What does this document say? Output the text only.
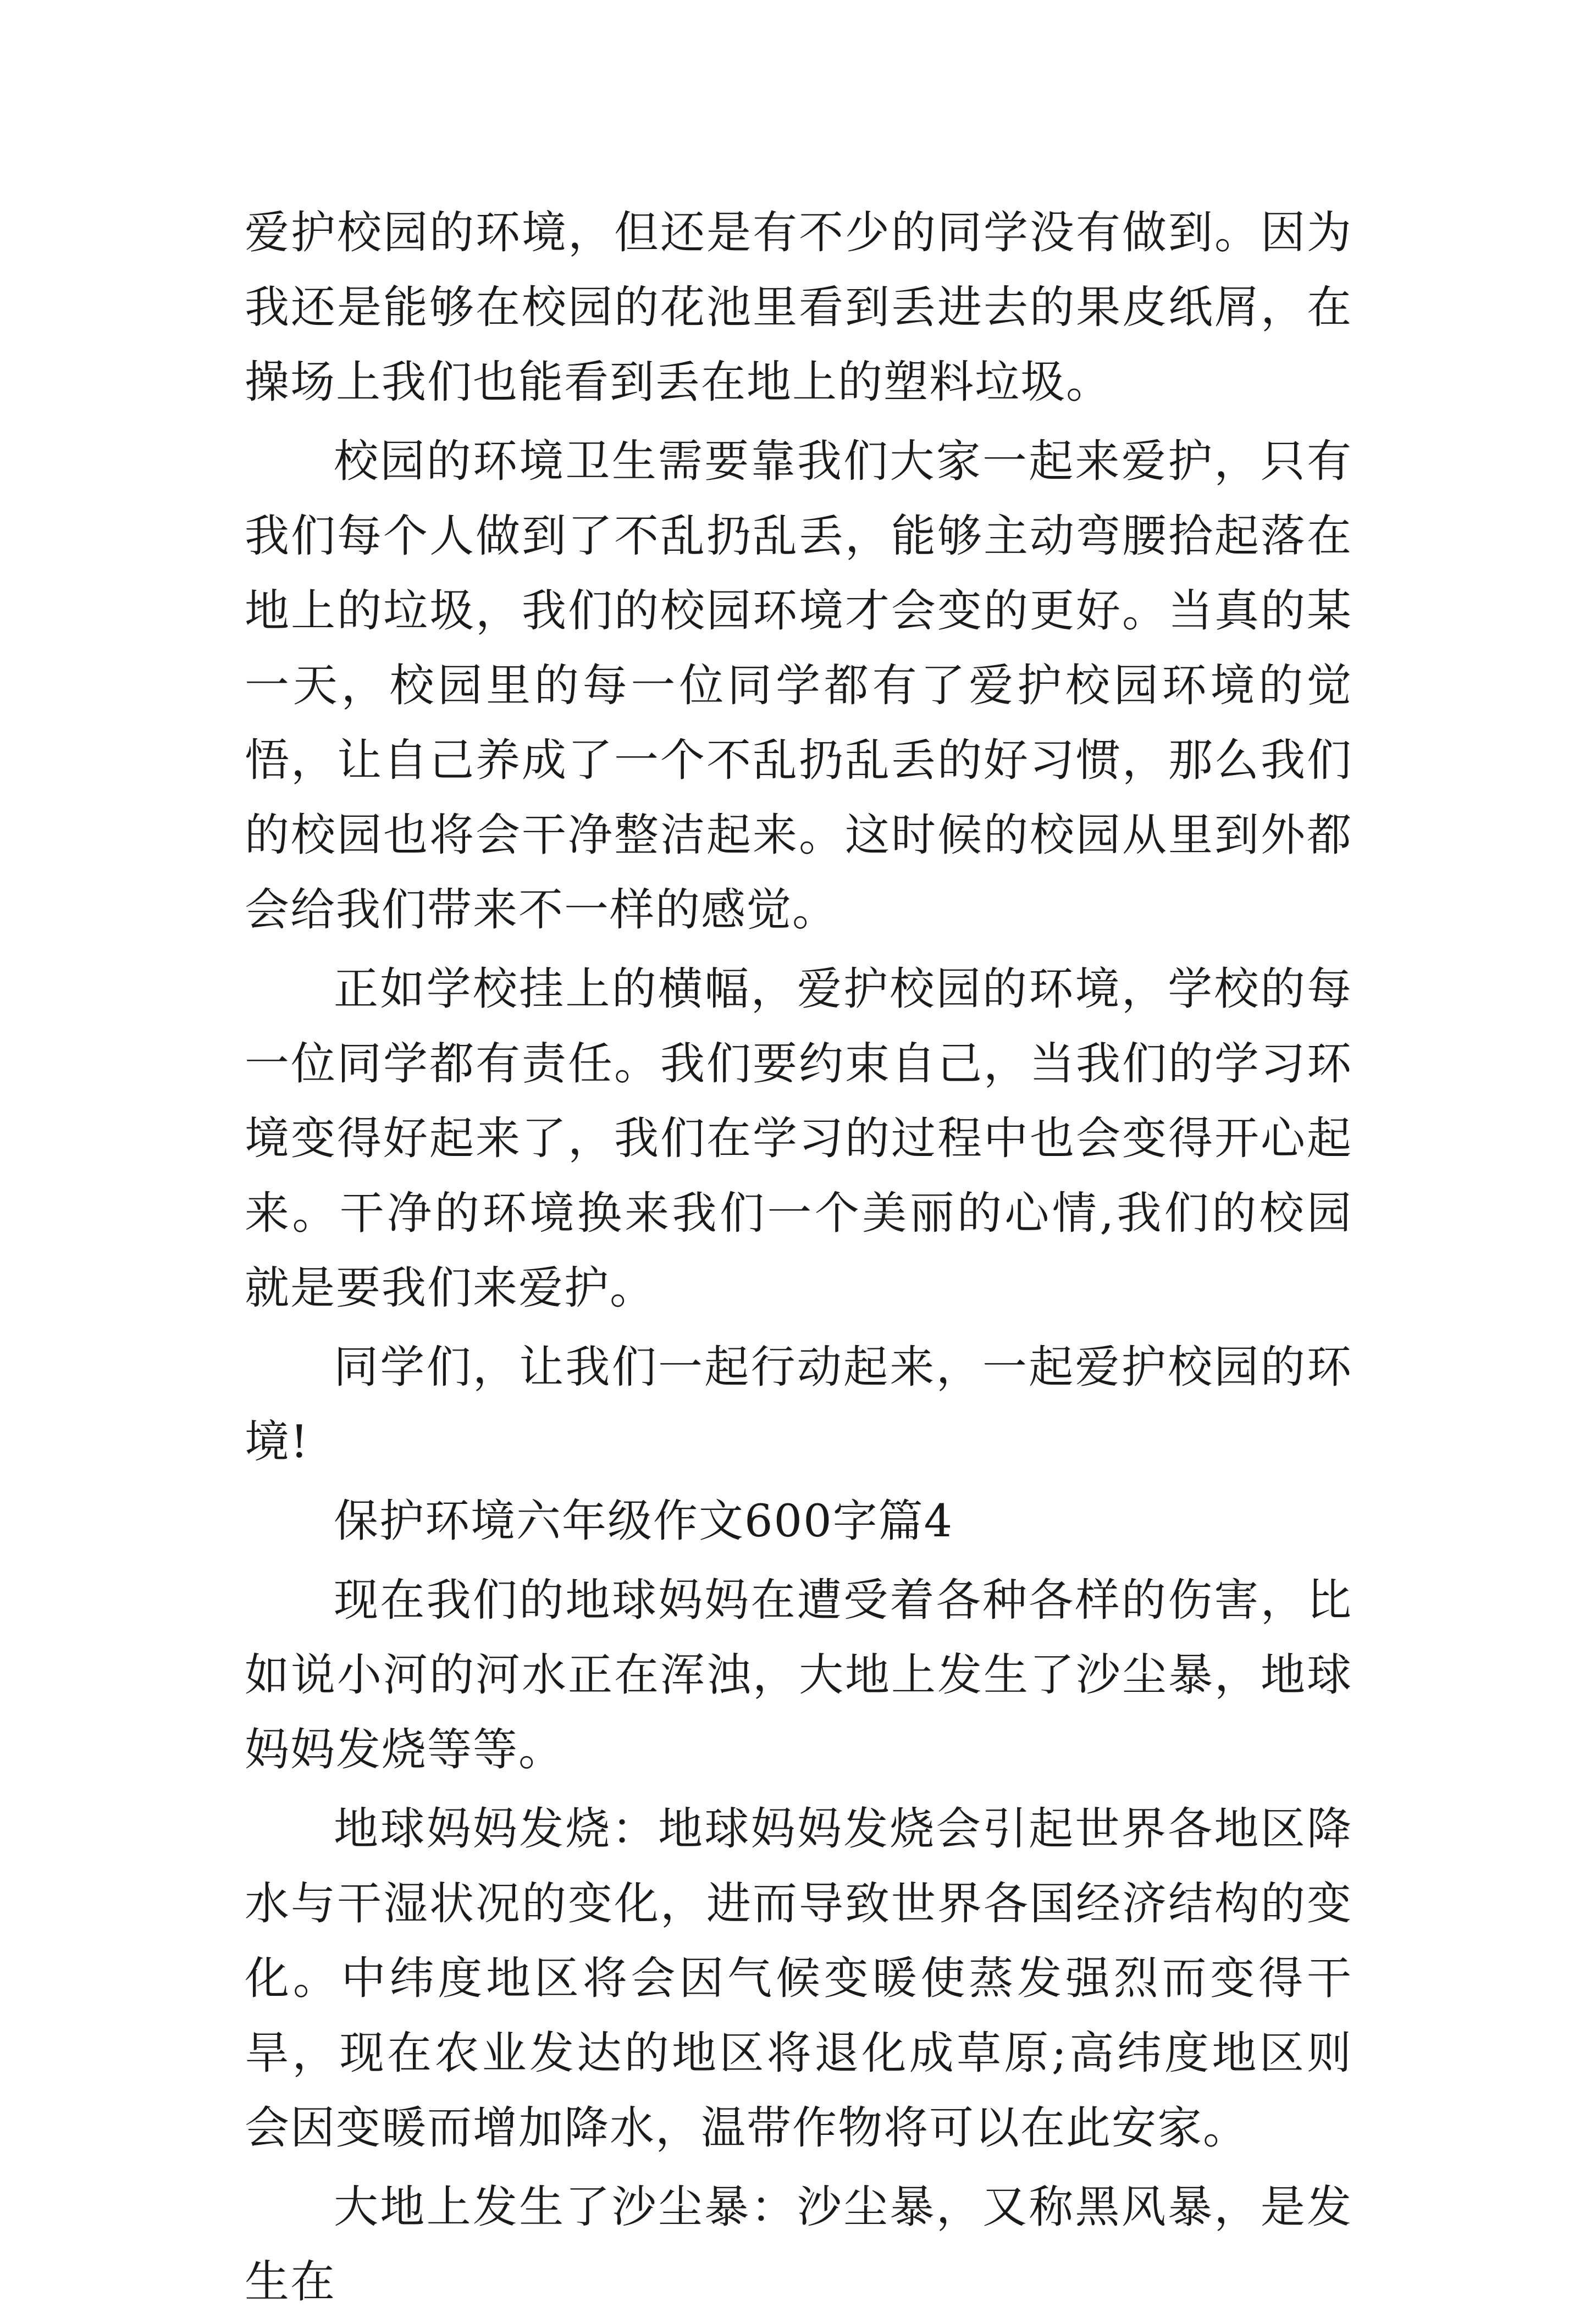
爱护校园的环境，但还是有不少的同学没有做到。因为我还是能够在校园的花池里看到丢进去的果皮纸屑，在操场上我们也能看到丢在地上的塑料垃圾。

校园的环境卫生需要靠我们大家一起来爱护，只有我们每个人做到了不乱扔乱丢，能够主动弯腰拾起落在地上的垃圾，我们的校园环境才会变的更好。当真的某一天，校园里的每一位同学都有了爱护校园环境的觉悟，让自己养成了一个不乱扔乱丢的好习惯，那么我们的校园也将会干净整洁起来。这时候的校园从里到外都会给我们带来不一样的感觉。

正如学校挂上的横幅，爱护校园的环境，学校的每一位同学都有责任。我们要约束自己，当我们的学习环境变得好起来了，我们在学习的过程中也会变得开心起来。干净的环境换来我们一个美丽的心情,我们的校园就是要我们来爱护。

同学们，让我们一起行动起来，一起爱护校园的环境!

保护环境六年级作文600字篇4

现在我们的地球妈妈在遭受着各种各样的伤害，比如说小河的河水正在浑浊，大地上发生了沙尘暴，地球妈妈发烧等等。

地球妈妈发烧：地球妈妈发烧会引起世界各地区降水与干湿状况的变化，进而导致世界各国经济结构的变化。中纬度地区将会因气候变暖使蒸发强烈而变得干旱，现在农业发达的地区将退化成草原;高纬度地区则会因变暖而增加降水，温带作物将可以在此安家。

大地上发生了沙尘暴：沙尘暴，又称黑风暴，是发生在
